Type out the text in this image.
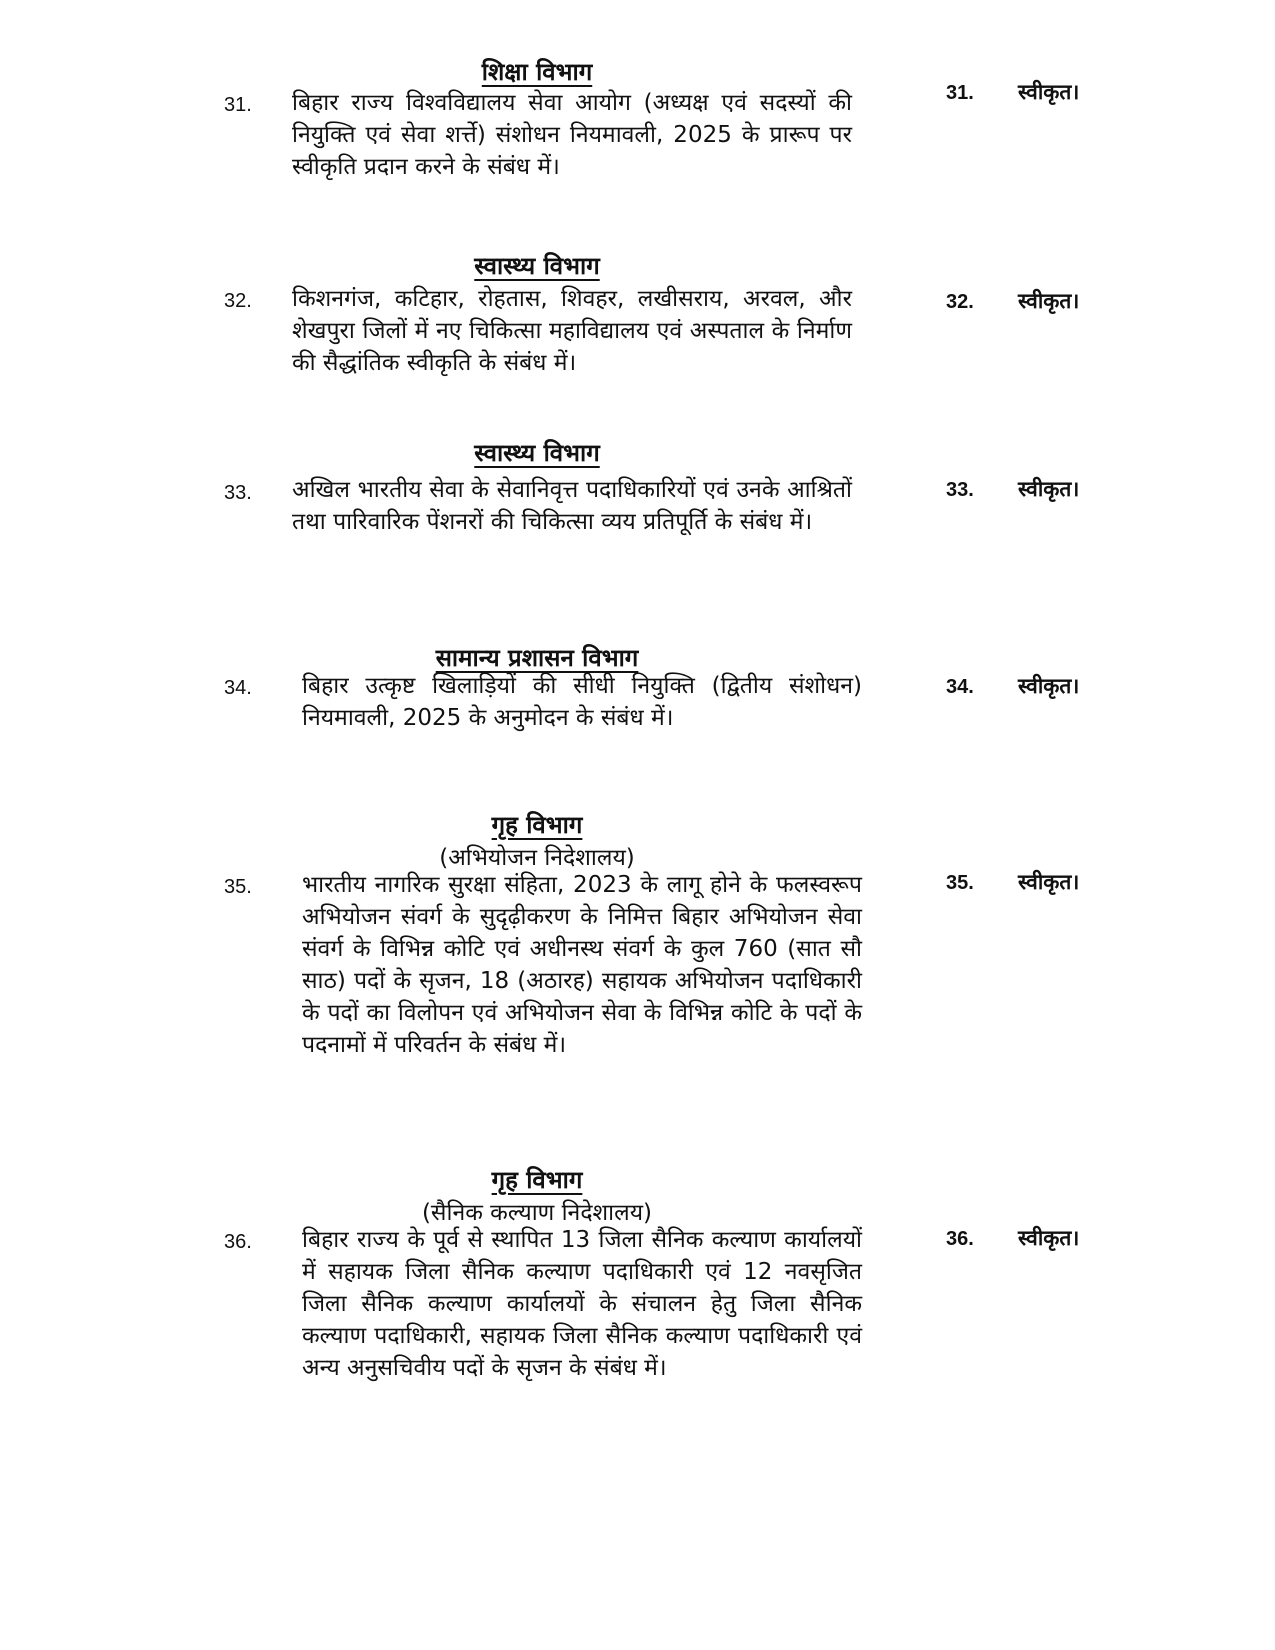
शिक्षा विभाग
31. बिहार राज्य विश्वविद्यालय सेवा आयोग (अध्यक्ष एवं सदस्यों की नियुक्ति एवं सेवा शर्त्ते) संशोधन नियमावली, 2025 के प्रारूप पर स्वीकृति प्रदान करने के संबंध में।
31. स्वीकृत।
स्वास्थ्य विभाग
32. किशनगंज, कटिहार, रोहतास, शिवहर, लखीसराय, अरवल, और शेखपुरा जिलों में नए चिकित्सा महाविद्यालय एवं अस्पताल के निर्माण की सैद्धांतिक स्वीकृति के संबंध में।
32. स्वीकृत।
स्वास्थ्य विभाग
33. अखिल भारतीय सेवा के सेवानिवृत्त पदाधिकारियों एवं उनके आश्रितों तथा पारिवारिक पेंशनरों की चिकित्सा व्यय प्रतिपूर्ति के संबंध में।
33. स्वीकृत।
सामान्य प्रशासन विभाग
34. बिहार उत्कृष्ट खिलाड़ियों की सीधी नियुक्ति (द्वितीय संशोधन) नियमावली, 2025 के अनुमोदन के संबंध में।
34. स्वीकृत।
गृह विभाग
(अभियोजन निदेशालय)
35. भारतीय नागरिक सुरक्षा संहिता, 2023 के लागू होने के फलस्वरूप अभियोजन संवर्ग के सुदृढ़ीकरण के निमित्त बिहार अभियोजन सेवा संवर्ग के विभिन्न कोटि एवं अधीनस्थ संवर्ग के कुल 760 (सात सौ साठ) पदों के सृजन, 18 (अठारह) सहायक अभियोजन पदाधिकारी के पदों का विलोपन एवं अभियोजन सेवा के विभिन्न कोटि के पदों के पदनामों में परिवर्तन के संबंध में।
35. स्वीकृत।
गृह विभाग
(सैनिक कल्याण निदेशालय)
36. बिहार राज्य के पूर्व से स्थापित 13 जिला सैनिक कल्याण कार्यालयों में सहायक जिला सैनिक कल्याण पदाधिकारी एवं 12 नवसृजित जिला सैनिक कल्याण कार्यालयों के संचालन हेतु जिला सैनिक कल्याण पदाधिकारी, सहायक जिला सैनिक कल्याण पदाधिकारी एवं अन्य अनुसचिवीय पदों के सृजन के संबंध में।
36. स्वीकृत।
